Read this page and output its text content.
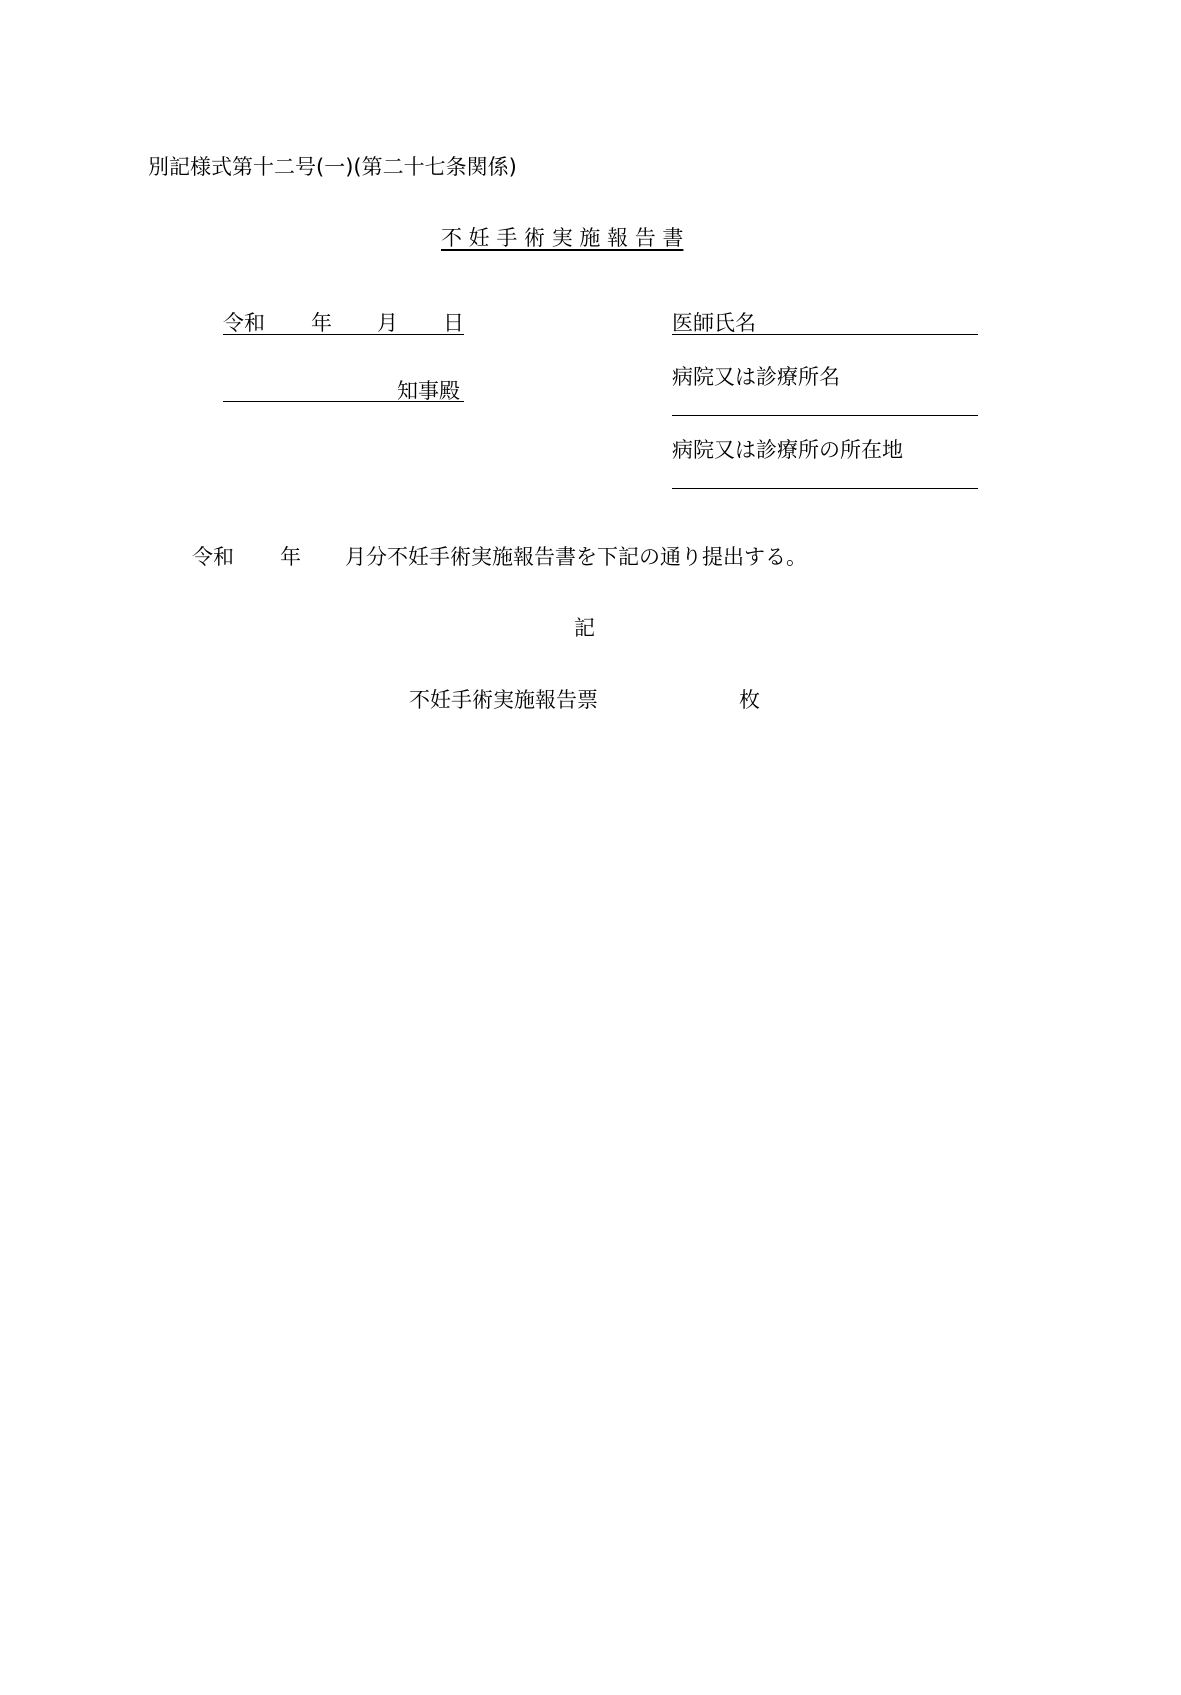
別記様式第十二号(一)(第二十七条関係)
不 妊 手 術 実 施 報 告 書
令和 年 月 日
知事殿
医師氏名
病院又は診療所名
病院又は診療所の所在地
令和 年 月分不妊手術実施報告書を下記の通り提出する。
記
不妊手術実施報告票	枚
